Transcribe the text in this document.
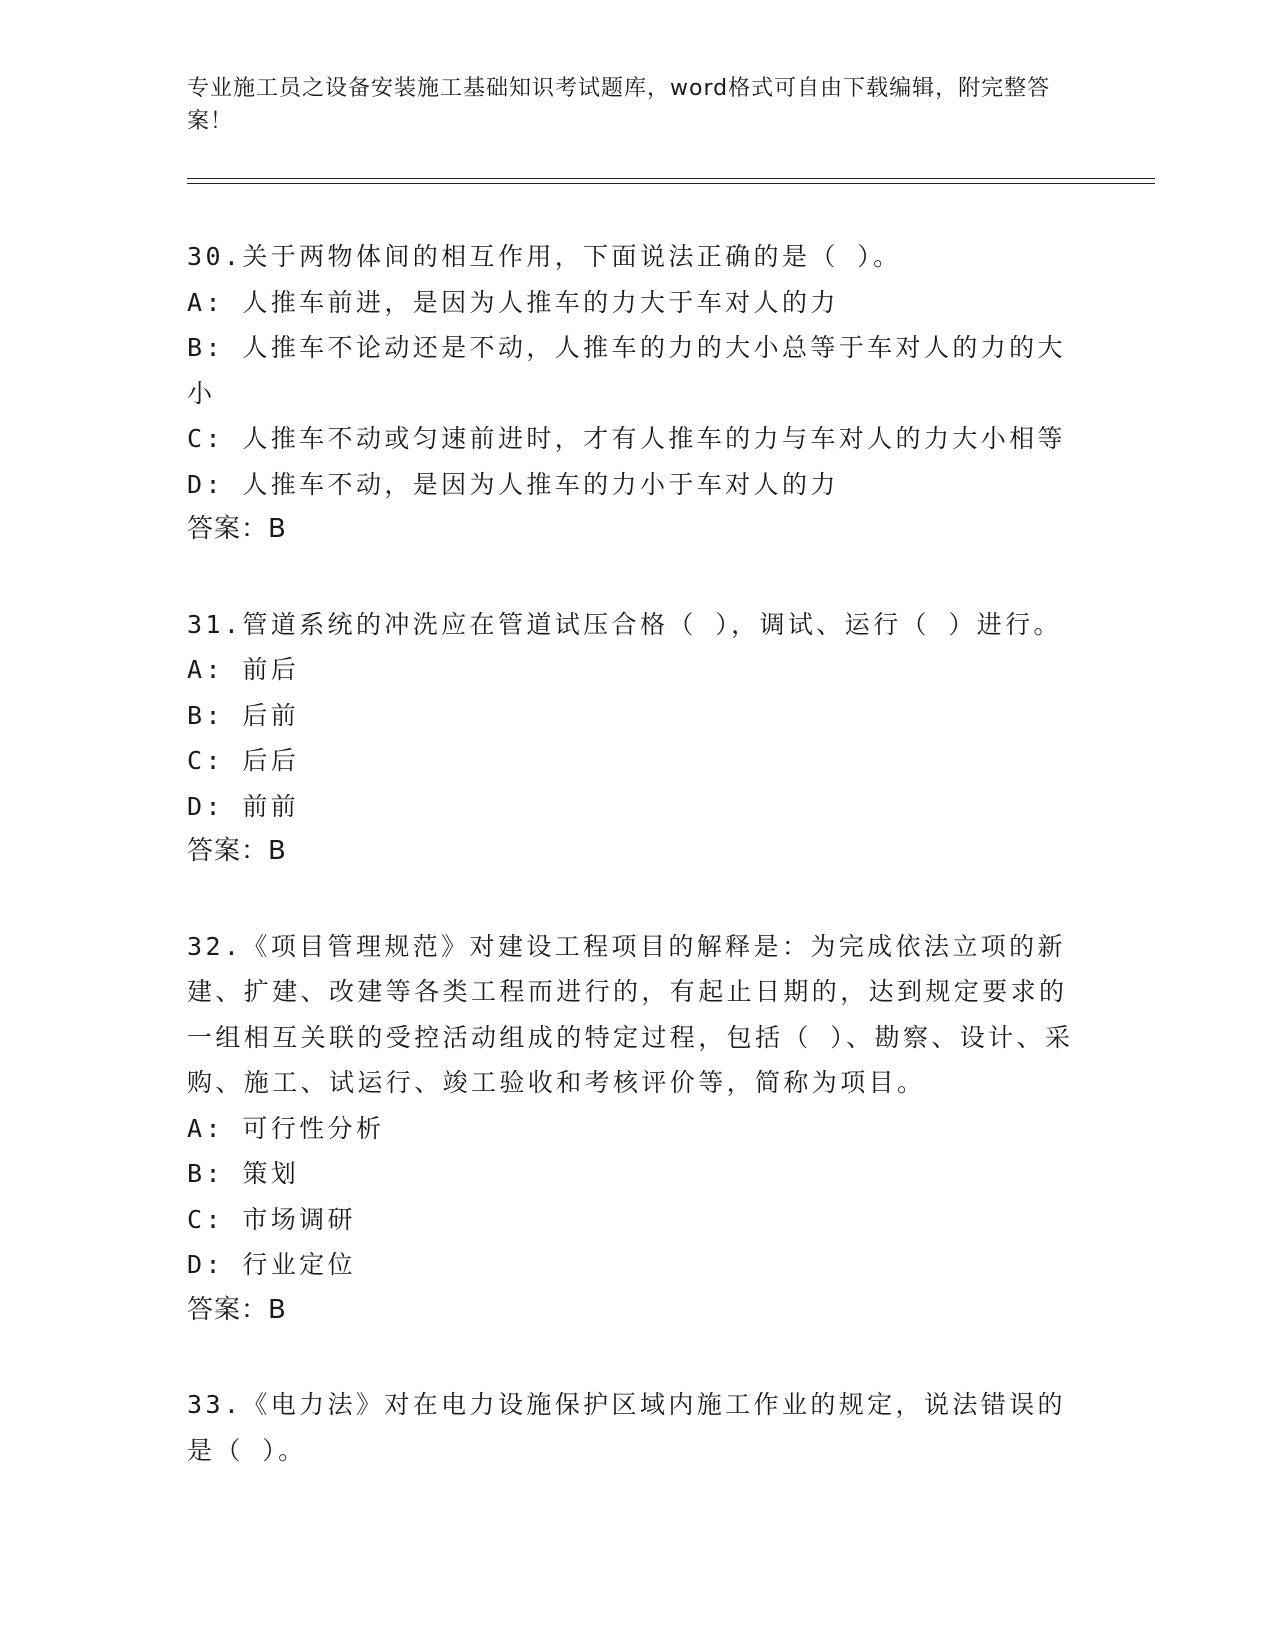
专业施工员之设备安装施工基础知识考试题库，word格式可自由下载编辑，附完整答案！

30.关于两物体间的相互作用，下面说法正确的是（ ）。

A: 人推车前进，是因为人推车的力大于车对人的力

B: 人推车不论动还是不动，人推车的力的大小总等于车对人的力的大小

C: 人推车不动或匀速前进时，才有人推车的力与车对人的力大小相等

D: 人推车不动，是因为人推车的力小于车对人的力

答案：B

31.管道系统的冲洗应在管道试压合格（ ），调试、运行（ ）进行。

A: 前后

B: 后前

C: 后后

D: 前前

答案：B

32.《项目管理规范》对建设工程项目的解释是：为完成依法立项的新建、扩建、改建等各类工程而进行的，有起止日期的，达到规定要求的一组相互关联的受控活动组成的特定过程，包括（ ）、勘察、设计、采购、施工、试运行、竣工验收和考核评价等，简称为项目。

A: 可行性分析

B: 策划

C: 市场调研

D: 行业定位

答案：B

33.《电力法》对在电力设施保护区域内施工作业的规定，说法错误的是（ ）。
